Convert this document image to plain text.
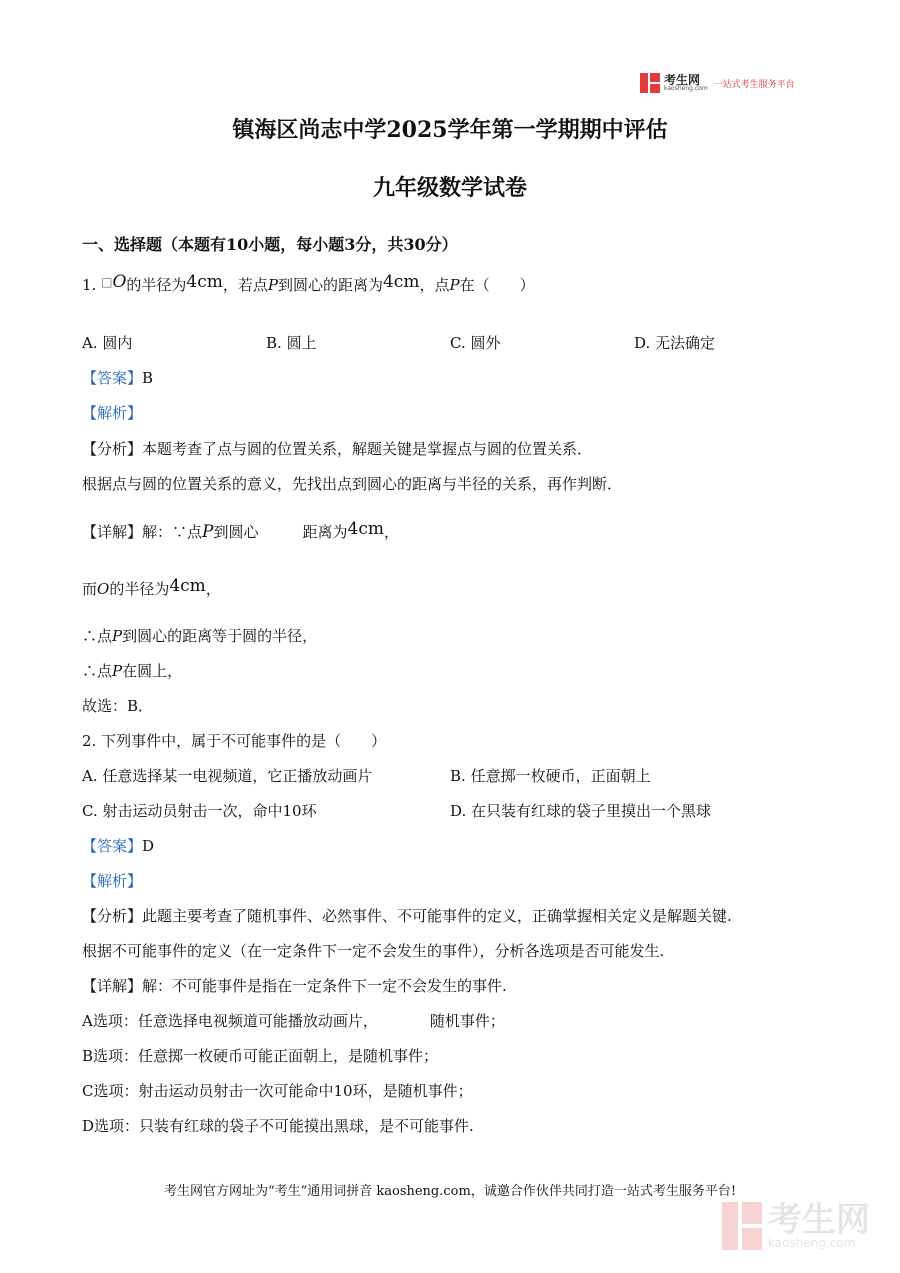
考生网
kaosheng.com 一站式考生服务平台
镇海区尚志中学2025学年第一学期期中评估
九年级数学试卷
一、选择题（本题有10小题，每小题3分，共30分）
1. □O的半径为4cm，若点P到圆心的距离为4cm，点P在（　　）
A. 圆内	B. 圆上	C. 圆外	D. 无法确定
【答案】B
【解析】
【分析】本题考查了点与圆的位置关系，解题关键是掌握点与圆的位置关系．
根据点与圆的位置关系的意义，先找出点到圆心的距离与半径的关系，再作判断．
【详解】解：∵点P到圆心	距离为4cm，
而O的半径为4cm，
∴点P到圆心的距离等于圆的半径，
∴点P在圆上，
故选：B．
2. 下列事件中，属于不可能事件的是（　　）
A. 任意选择某一电视频道，它正播放动画片	B. 任意掷一枚硬币，正面朝上
C. 射击运动员射击一次，命中10环	D. 在只装有红球的袋子里摸出一个黑球
【答案】D
【解析】
【分析】此题主要考查了随机事件、必然事件、不可能事件的定义，正确掌握相关定义是解题关键.
根据不可能事件的定义（在一定条件下一定不会发生的事件），分析各选项是否可能发生.
【详解】解：不可能事件是指在一定条件下一定不会发生的事件.
A选项：任意选择电视频道可能播放动画片，	随机事件；
B选项：任意掷一枚硬币可能正面朝上，是随机事件；
C选项：射击运动员射击一次可能命中10环，是随机事件；
D选项：只装有红球的袋子不可能摸出黑球，是不可能事件.
考生网官方网址为“考生”通用词拼音 kaosheng.com，诚邀合作伙伴共同打造一站式考生服务平台!
考生网
kaosheng.com
